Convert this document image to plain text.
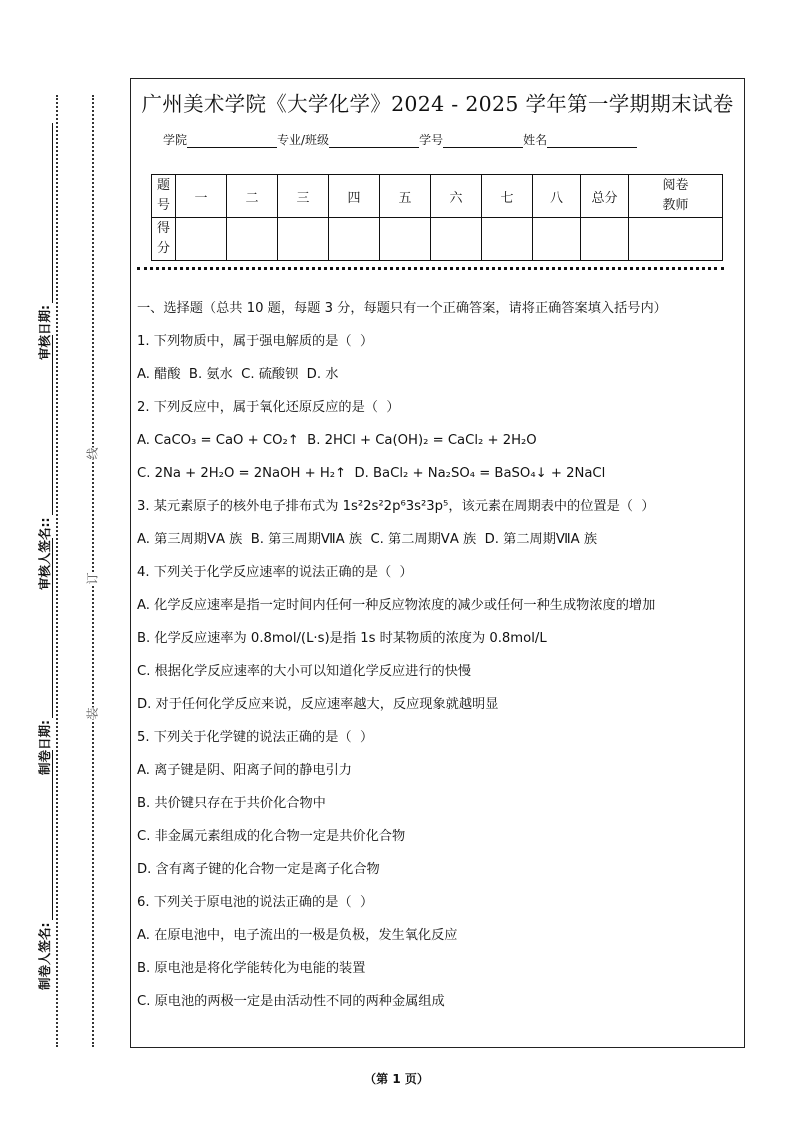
审核日期:
审核人签名::
制卷日期:
制卷人签名:
线
订
装
广州美术学院《大学化学》2024 - 2025 学年第一学期期末试卷
学院	专业/班级	学号	姓名
题号	一	二	三	四	五	六	七	八	总分	阅卷教师
得分										
一、选择题（总共 10 题，每题 3 分，每题只有一个正确答案，请将正确答案填入括号内）
1. 下列物质中，属于强电解质的是（  ）
A. 醋酸  B. 氨水  C. 硫酸钡  D. 水
2. 下列反应中，属于氧化还原反应的是（  ）
A. CaCO₃ = CaO + CO₂↑  B. 2HCl + Ca(OH)₂ = CaCl₂ + 2H₂O
C. 2Na + 2H₂O = 2NaOH + H₂↑  D. BaCl₂ + Na₂SO₄ = BaSO₄↓ + 2NaCl
3. 某元素原子的核外电子排布式为 1s²2s²2p⁶3s²3p⁵，该元素在周期表中的位置是（  ）
A. 第三周期ⅤA 族  B. 第三周期ⅦA 族  C. 第二周期ⅤA 族  D. 第二周期ⅦA 族
4. 下列关于化学反应速率的说法正确的是（  ）
A. 化学反应速率是指一定时间内任何一种反应物浓度的减少或任何一种生成物浓度的增加
B. 化学反应速率为 0.8mol/(L·s)是指 1s 时某物质的浓度为 0.8mol/L
C. 根据化学反应速率的大小可以知道化学反应进行的快慢
D. 对于任何化学反应来说，反应速率越大，反应现象就越明显
5. 下列关于化学键的说法正确的是（  ）
A. 离子键是阴、阳离子间的静电引力
B. 共价键只存在于共价化合物中
C. 非金属元素组成的化合物一定是共价化合物
D. 含有离子键的化合物一定是离子化合物
6. 下列关于原电池的说法正确的是（  ）
A. 在原电池中，电子流出的一极是负极，发生氧化反应
B. 原电池是将化学能转化为电能的装置
C. 原电池的两极一定是由活动性不同的两种金属组成
（第 1 页）
